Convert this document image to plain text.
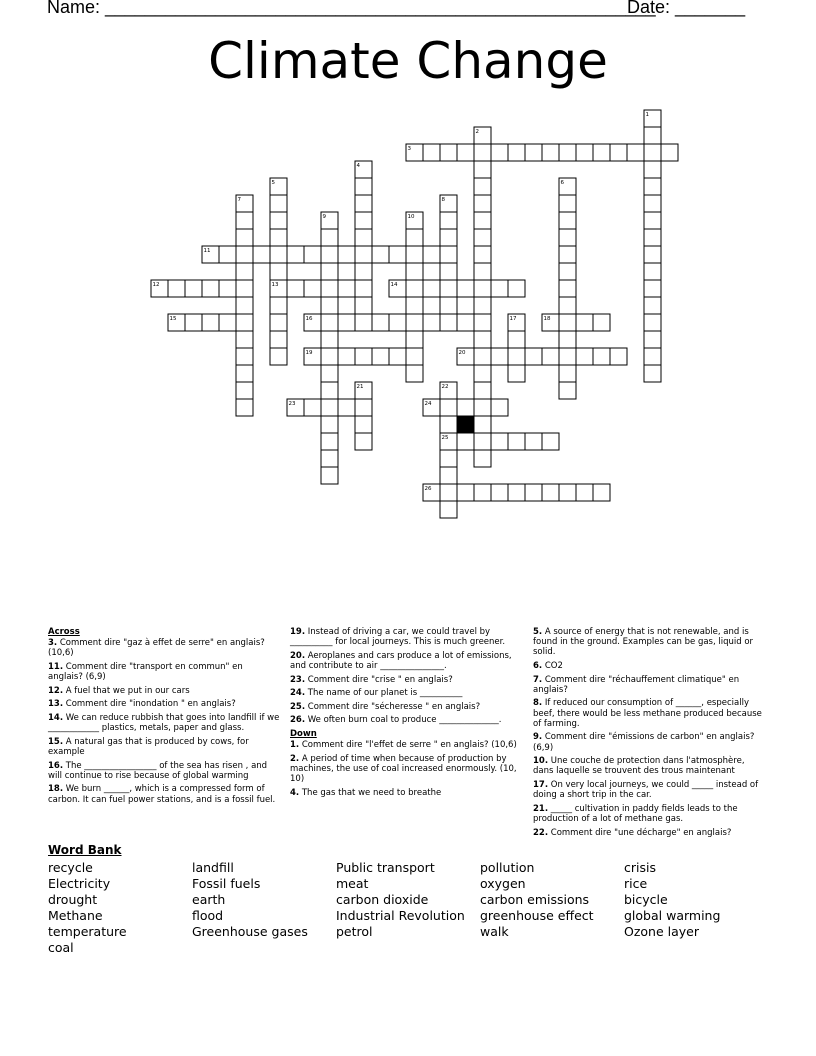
Name: _______________________________________________________
Date: _______
Climate Change
1
2
3
4
5	6
7	8
9	10
11
12	13	14
15	16	17	18
19	20
21	22
23	24
25
26
Across

3. Comment dire "gaz à effet de serre" en anglais? (10,6)

11. Comment dire "transport en commun" en anglais? (6,9)

12. A fuel that we put in our cars

13. Comment dire "inondation " en anglais?

14. We can reduce rubbish that goes into landfill if we ____________ plastics, metals, paper and glass.

15. A natural gas that is produced by cows, for example

16. The _________________ of the sea has risen , and will continue to rise because of global warming

18. We burn ______, which is a compressed form of carbon. It can fuel power stations, and is a fossil fuel.

19. Instead of driving a car, we could travel by __________ for local journeys. This is much greener.

20. Aeroplanes and cars produce a lot of emissions, and contribute to air _______________.

23. Comment dire "crise " en anglais?

24. The name of our planet is __________

25. Comment dire "sécheresse " en anglais?

26. We often burn coal to produce ______________.

Down

1. Comment dire "l'effet de serre " en anglais? (10,6)

2. A period of time when because of production by machines, the use of coal increased enormously. (10, 10)

4. The gas that we need to breathe

5. A source of energy that is not renewable, and is found in the ground. Examples can be gas, liquid or solid.

6. CO2

7. Comment dire "réchauffement climatique" en anglais?

8. If reduced our consumption of ______, especially beef, there would be less methane produced because of farming.

9. Comment dire "émissions de carbon" en anglais? (6,9)

10. Une couche de protection dans l'atmosphère, dans laquelle se trouvent des trous maintenant

17. On very local journeys, we could _____ instead of doing a short trip in the car.

21. _____ cultivation in paddy fields leads to the production of a lot of methane gas.

22. Comment dire "une décharge" en anglais?

Word Bank
recycle	landfill	Public transport	pollution	crisis
Electricity	Fossil fuels	meat	oxygen	rice
drought	earth	carbon dioxide	carbon emissions	bicycle
Methane	flood	Industrial Revolution	greenhouse effect	global warming
temperature	Greenhouse gases	petrol	walk	Ozone layer
coal
